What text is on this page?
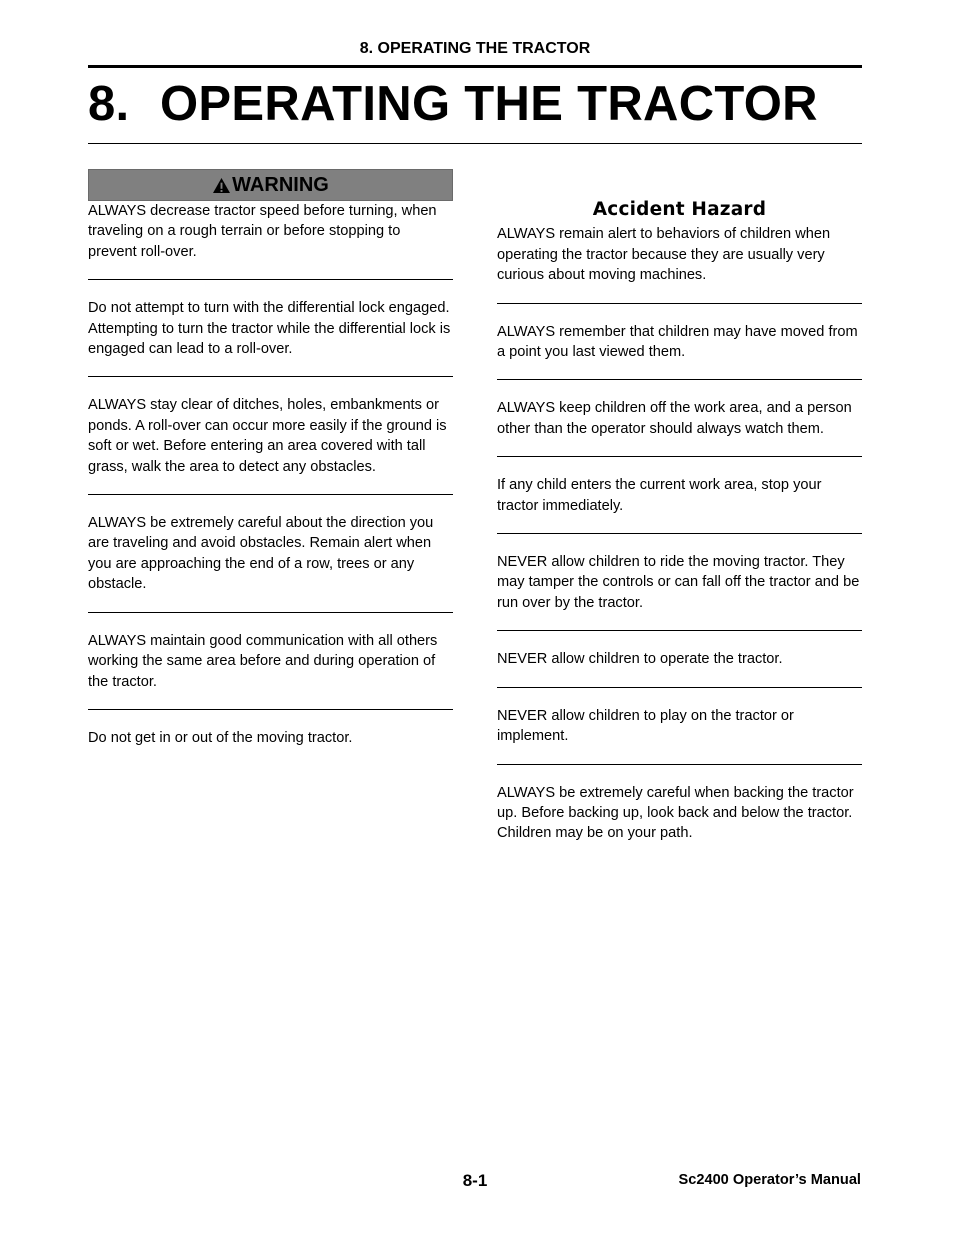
8. OPERATING THE TRACTOR
8. OPERATING THE TRACTOR
WARNING

ALWAYS decrease tractor speed before turning, when traveling on a rough terrain or before stopping to prevent roll-over.

Do not attempt to turn with the differential lock engaged. Attempting to turn the tractor while the differential lock is engaged can lead to a roll-over.

ALWAYS stay clear of ditches, holes, embankments or ponds. A roll-over can occur more easily if the ground is soft or wet. Before entering an area covered with tall grass, walk the area to detect any obstacles.

ALWAYS be extremely careful about the direction you are traveling and avoid obstacles. Remain alert when you are approaching the end of a row, trees or any obstacle.

ALWAYS maintain good communication with all others working the same area before and during operation of the tractor.

Do not get in or out of the moving tractor.

Accident Hazard

ALWAYS remain alert to behaviors of children when operating the tractor because they are usually very curious about moving machines.

ALWAYS remember that children may have moved from a point you last viewed them.

ALWAYS keep children off the work area, and a person other than the operator should always watch them.

If any child enters the current work area, stop your tractor immediately.

NEVER allow children to ride the moving tractor. They may tamper the controls or can fall off the tractor and be run over by the tractor.

NEVER allow children to operate the tractor.

NEVER allow children to play on the tractor or implement.

ALWAYS be extremely careful when backing the tractor up. Before backing up, look back and below the tractor. Children may be on your path.

8-1	Sc2400 Operator’s Manual
